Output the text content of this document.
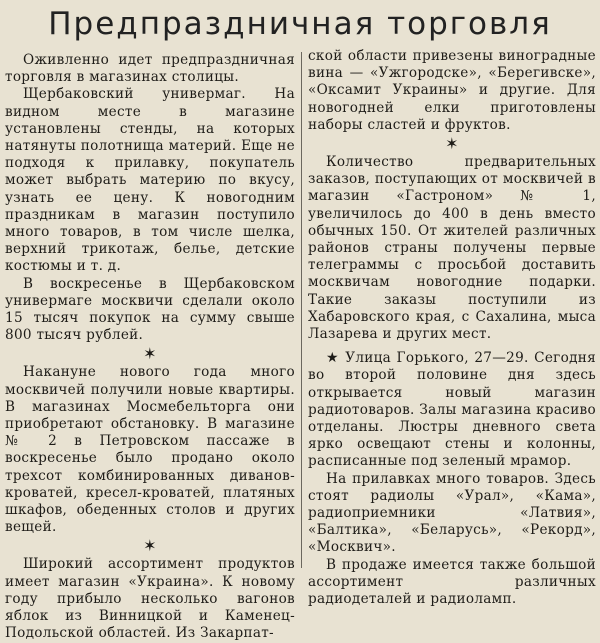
Предпраздничная торговля

Оживленно идет предпраздничная торговля в магазинах столицы.

Щербаковский универмаг. На видном месте в магазине установлены стенды, на которых натянуты полотнища материй. Еще не подходя к прилавку, покупатель может выбрать материю по вкусу, узнать ее цену. К новогодним праздникам в магазин поступило много товаров, в том числе шелка, верхний трикотаж, белье, детские костюмы и т. д.

В воскресенье в Щербаковском универмаге москвичи сделали около 15 тысяч покупок на сумму свыше 800 тысяч рублей.

✶

Накануне нового года много москвичей получили новые квартиры. В магазинах Мосмебельторга они приобретают обстановку. В магазине № 2 в Петровском пассаже в воскресенье было продано около трехсот комбинированных диванов-кроватей, кресел-кроватей, платяных шкафов, обеденных столов и других вещей.

✶

Широкий ассортимент продуктов имеет магазин «Украина». К новому году прибыло несколько вагонов яблок из Винницкой и Каменец-Подольской областей. Из Закарпат-

ской области привезены виноградные вина — «Ужгородске», «Берегивске», «Оксамит Украины» и другие. Для новогодней елки приготовлены наборы сластей и фруктов.

✶

Количество предварительных заказов, поступающих от москвичей в магазин «Гастроном» № 1, увеличилось до 400 в день вместо обычных 150. От жителей различных районов страны получены первые телеграммы с просьбой доставить москвичам новогодние подарки. Такие заказы поступили из Хабаровского края, с Сахалина, мыса Лазарева и других мест.

★ Улица Горького, 27—29. Сегодня во второй половине дня здесь открывается новый магазин радиотоваров. Залы магазина красиво отделаны. Люстры дневного света ярко освещают стены и колонны, расписанные под зеленый мрамор.

На прилавках много товаров. Здесь стоят радиолы «Урал», «Кама», радиоприемники «Латвия», «Балтика», «Беларусь», «Рекорд», «Москвич».

В продаже имеется также большой ассортимент различных радиодеталей и радиоламп.
